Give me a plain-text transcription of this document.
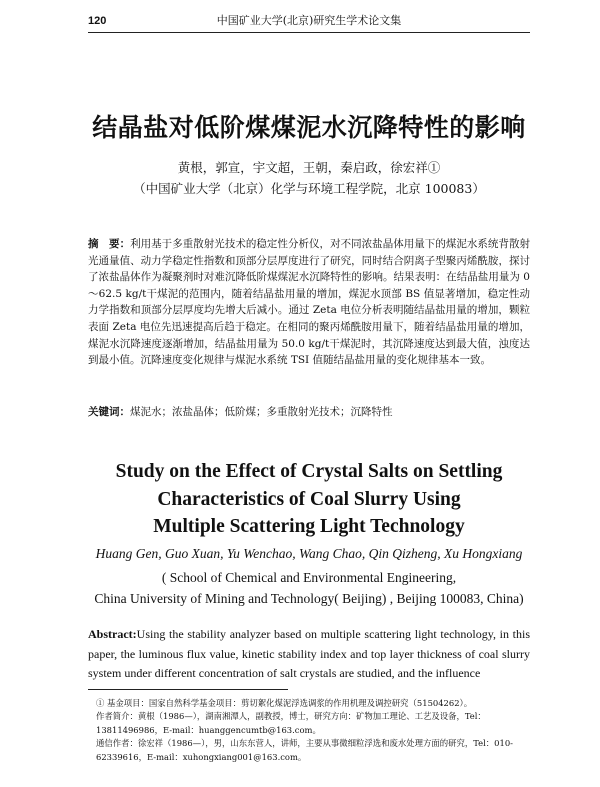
120	中国矿业大学(北京)研究生学术论文集
结晶盐对低阶煤煤泥水沉降特性的影响
黄根，郭宣，宇文超，王朝，秦启政，徐宏祥①
（中国矿业大学（北京）化学与环境工程学院，北京 100083）
摘　要：利用基于多重散射光技术的稳定性分析仪，对不同浓盐晶体用量下的煤泥水系统背散射光通量值、动力学稳定性指数和顶部分层厚度进行了研究，同时结合阴离子型聚丙烯酰胺，探讨了浓盐晶体作为凝聚剂时对难沉降低阶煤煤泥水沉降特性的影响。结果表明：在结晶盐用量为 0～62.5 kg/t干煤泥的范围内，随着结晶盐用量的增加，煤泥水顶部 BS 值显著增加，稳定性动力学指数和顶部分层厚度均先增大后减小。通过 Zeta 电位分析表明随结晶盐用量的增加，颗粒表面 Zeta 电位先迅速提高后趋于稳定。在相同的聚丙烯酰胺用量下，随着结晶盐用量的增加，煤泥水沉降速度逐渐增加，结晶盐用量为 50.0 kg/t干煤泥时，其沉降速度达到最大值，浊度达到最小值。沉降速度变化规律与煤泥水系统 TSI 值随结晶盐用量的变化规律基本一致。
关键词：煤泥水；浓盐晶体；低阶煤；多重散射光技术；沉降特性
Study on the Effect of Crystal Salts on Settling
Characteristics of Coal Slurry Using
Multiple Scattering Light Technology
Huang Gen, Guo Xuan, Yu Wenchao, Wang Chao, Qin Qizheng, Xu Hongxiang
( School of Chemical and Environmental Engineering,
China University of Mining and Technology( Beijing) , Beijing 100083, China)
Abstract:Using the stability analyzer based on multiple scattering light technology, in this paper, the luminous flux value, kinetic stability index and top layer thickness of coal slurry system under different concentration of salt crystals are studied, and the influence

① 基金项目：国家自然科学基金项目：剪切絮化煤泥浮选调浆的作用机理及调控研究（51504262）。

作者简介：黄根（1986—），湖南湘潭人，副教授，博士，研究方向：矿物加工理论、工艺及设备，Tel：13811496986，E-mail：huanggencumtb@163.com。

通信作者：徐宏祥（1986—），男，山东东营人，讲师，主要从事微细粒浮选和废水处理方面的研究，Tel：010-62339616，E-mail：xuhongxiang001@163.com。
